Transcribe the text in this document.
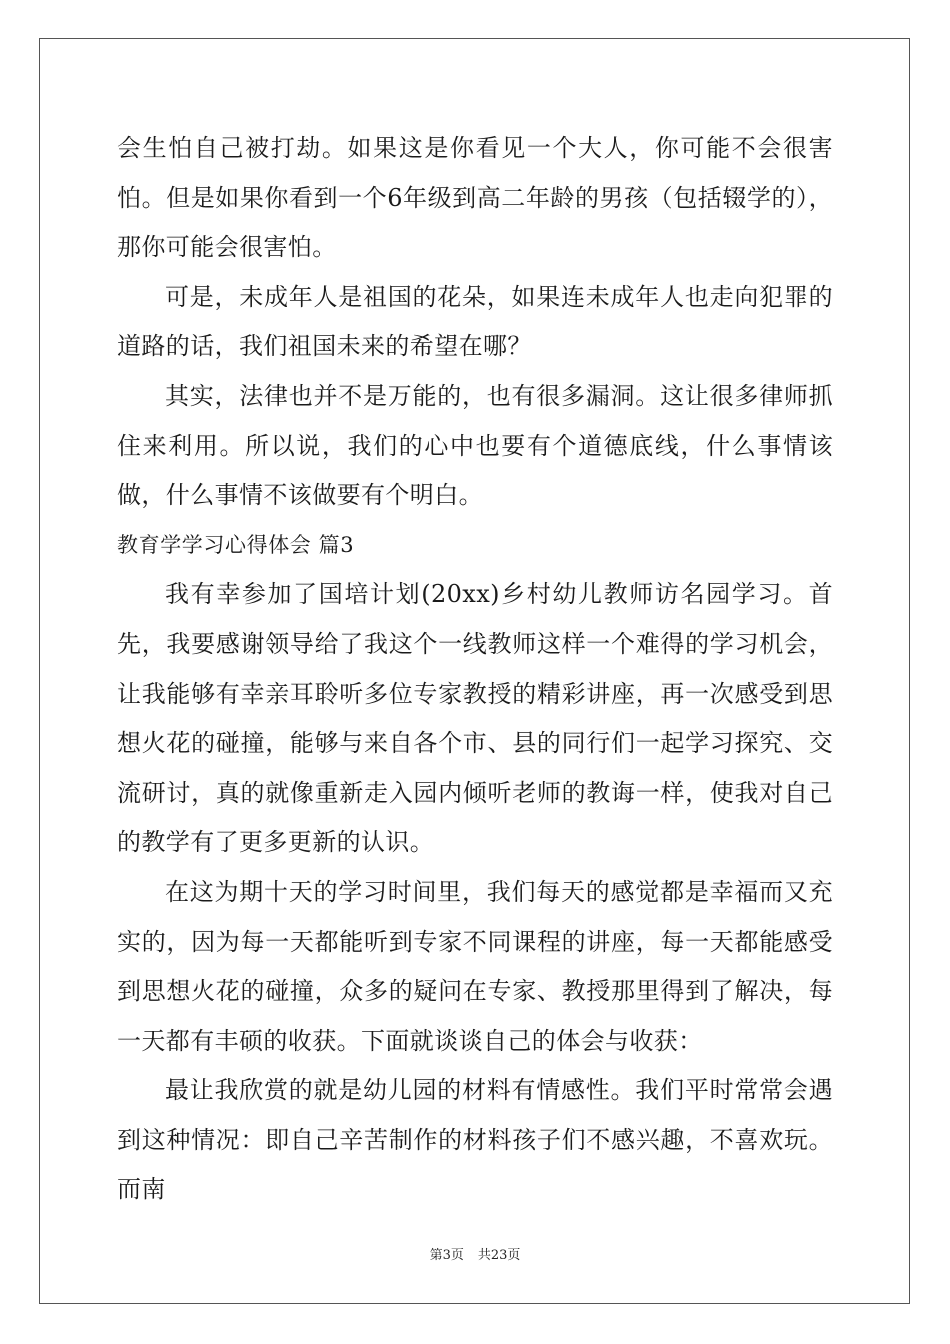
会生怕自己被打劫。如果这是你看见一个大人，你可能不会很害怕。但是如果你看到一个6年级到高二年龄的男孩（包括辍学的），那你可能会很害怕。

可是，未成年人是祖国的花朵，如果连未成年人也走向犯罪的道路的话，我们祖国未来的希望在哪？

其实，法律也并不是万能的，也有很多漏洞。这让很多律师抓住来利用。所以说，我们的心中也要有个道德底线，什么事情该做，什么事情不该做要有个明白。

教育学学习心得体会 篇3

我有幸参加了国培计划(20xx)乡村幼儿教师访名园学习。首先，我要感谢领导给了我这个一线教师这样一个难得的学习机会，让我能够有幸亲耳聆听多位专家教授的精彩讲座，再一次感受到思想火花的碰撞，能够与来自各个市、县的同行们一起学习探究、交流研讨，真的就像重新走入园内倾听老师的教诲一样，使我对自己的教学有了更多更新的认识。

在这为期十天的学习时间里，我们每天的感觉都是幸福而又充实的，因为每一天都能听到专家不同课程的讲座，每一天都能感受到思想火花的碰撞，众多的疑问在专家、教授那里得到了解决，每一天都有丰硕的收获。下面就谈谈自己的体会与收获：

最让我欣赏的就是幼儿园的材料有情感性。我们平时常常会遇到这种情况：即自己辛苦制作的材料孩子们不感兴趣，不喜欢玩。而南

第3页 共23页
